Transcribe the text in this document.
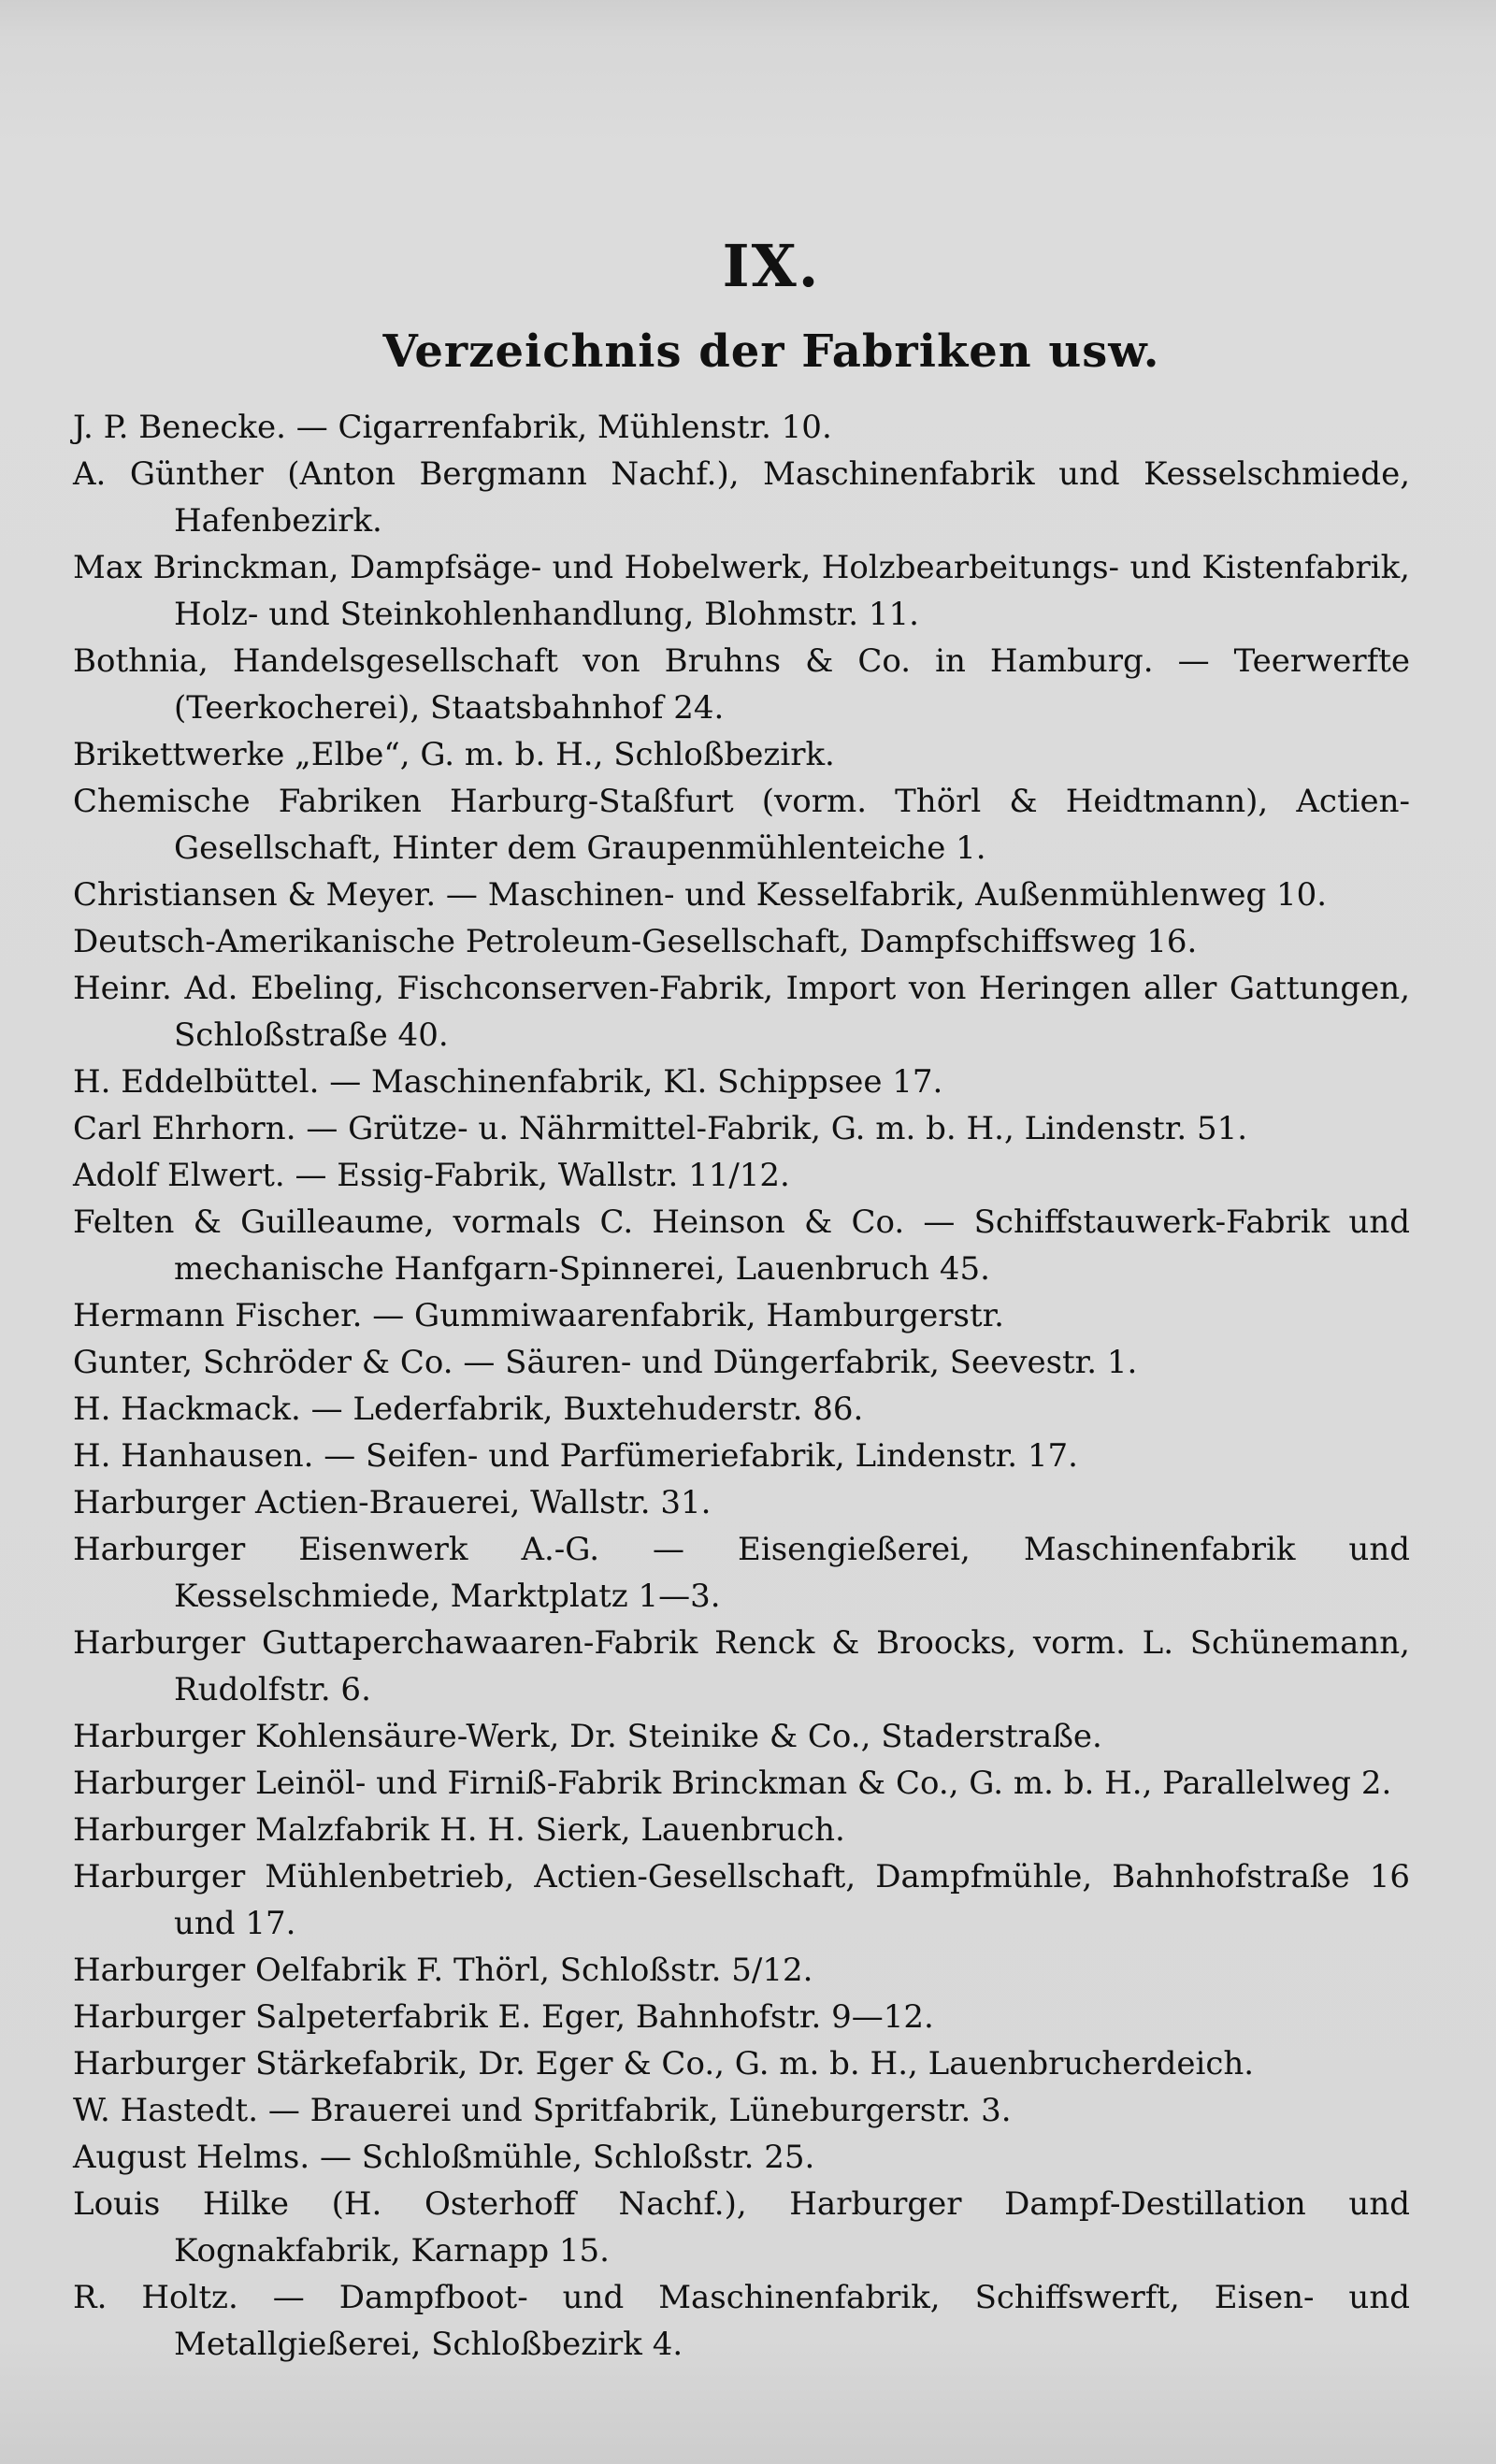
IX.
Verzeichnis der Fabriken usw.
J. P. Benecke. — Cigarrenfabrik, Mühlenstr. 10.
A. Günther (Anton Bergmann Nachf.), Maschinenfabrik und Kesselschmiede, Hafenbezirk.
Max Brinckman, Dampfsäge- und Hobelwerk, Holzbearbeitungs- und Kistenfabrik, Holz- und Steinkohlenhandlung, Blohmstr. 11.
Bothnia, Handelsgesellschaft von Bruhns & Co. in Hamburg. — Teerwerfte (Teerkocherei), Staatsbahnhof 24.
Brikettwerke „Elbe“, G. m. b. H., Schloßbezirk.
Chemische Fabriken Harburg-Staßfurt (vorm. Thörl & Heidtmann), Actien-Gesellschaft, Hinter dem Graupenmühlenteiche 1.
Christiansen & Meyer. — Maschinen- und Kesselfabrik, Außenmühlenweg 10.
Deutsch-Amerikanische Petroleum-Gesellschaft, Dampfschiffsweg 16.
Heinr. Ad. Ebeling, Fischconserven-Fabrik, Import von Heringen aller Gattungen, Schloßstraße 40.
H. Eddelbüttel. — Maschinenfabrik, Kl. Schippsee 17.
Carl Ehrhorn. — Grütze- u. Nährmittel-Fabrik, G. m. b. H., Lindenstr. 51.
Adolf Elwert. — Essig-Fabrik, Wallstr. 11/12.
Felten & Guilleaume, vormals C. Heinson & Co. — Schiffstauwerk-Fabrik und mechanische Hanfgarn-Spinnerei, Lauenbruch 45.
Hermann Fischer. — Gummiwaarenfabrik, Hamburgerstr.
Gunter, Schröder & Co. — Säuren- und Düngerfabrik, Seevestr. 1.
H. Hackmack. — Lederfabrik, Buxtehuderstr. 86.
H. Hanhausen. — Seifen- und Parfümeriefabrik, Lindenstr. 17.
Harburger Actien-Brauerei, Wallstr. 31.
Harburger Eisenwerk A.-G. — Eisengießerei, Maschinenfabrik und Kesselschmiede, Marktplatz 1—3.
Harburger Guttaperchawaaren-Fabrik Renck & Broocks, vorm. L. Schünemann, Rudolfstr. 6.
Harburger Kohlensäure-Werk, Dr. Steinike & Co., Staderstraße.
Harburger Leinöl- und Firniß-Fabrik Brinckman & Co., G. m. b. H., Parallelweg 2.
Harburger Malzfabrik H. H. Sierk, Lauenbruch.
Harburger Mühlenbetrieb, Actien-Gesellschaft, Dampfmühle, Bahnhofstraße 16 und 17.
Harburger Oelfabrik F. Thörl, Schloßstr. 5/12.
Harburger Salpeterfabrik E. Eger, Bahnhofstr. 9—12.
Harburger Stärkefabrik, Dr. Eger & Co., G. m. b. H., Lauenbrucherdeich.
W. Hastedt. — Brauerei und Spritfabrik, Lüneburgerstr. 3.
August Helms. — Schloßmühle, Schloßstr. 25.
Louis Hilke (H. Osterhoff Nachf.), Harburger Dampf-Destillation und Kognakfabrik, Karnapp 15.
R. Holtz. — Dampfboot- und Maschinenfabrik, Schiffswerft, Eisen- und Metallgießerei, Schloßbezirk 4.
